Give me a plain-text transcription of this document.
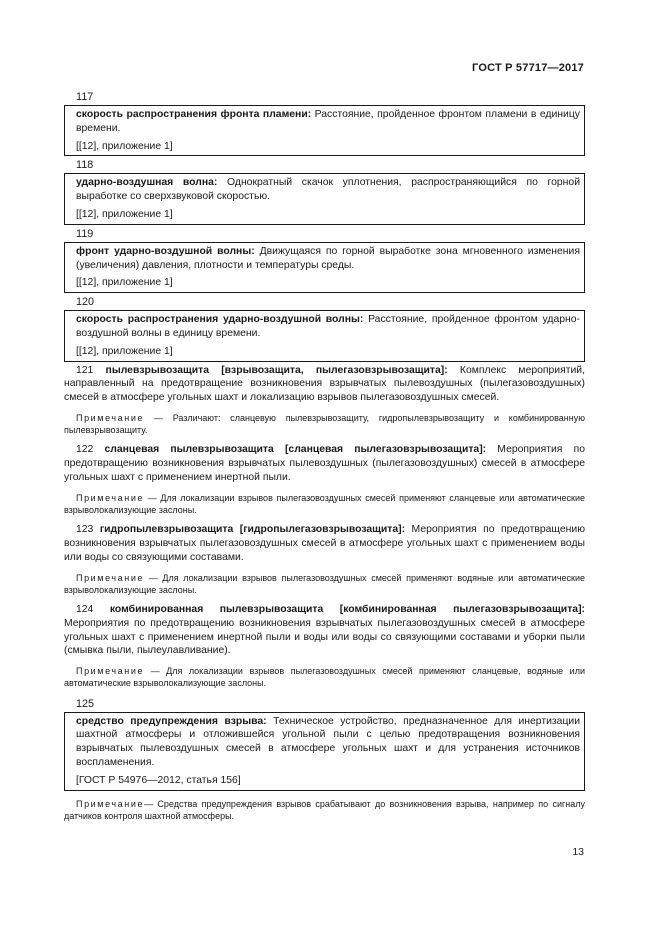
ГОСТ Р 57717—2017
117
скорость распространения фронта пламени: Расстояние, пройденное фронтом пламени в единицу времени.
[[12], приложение 1]
118
ударно-воздушная волна: Однократный скачок уплотнения, распространяющийся по горной выработке со сверхзвуковой скоростью.
[[12], приложение 1]
119
фронт ударно-воздушной волны: Движущаяся по горной выработке зона мгновенного изменения (увеличения) давления, плотности и температуры среды.
[[12], приложение 1]
120
скорость распространения ударно-воздушной волны: Расстояние, пройденное фронтом ударно-воздушной волны в единицу времени.
[[12], приложение 1]

121 пылевзрывозащита [взрывозащита, пылегазовзрывозащита]: Комплекс мероприятий, направленный на предотвращение возникновения взрывчатых пылевоздушных (пылегазовоздушных) смесей в атмосфере угольных шахт и локализацию взрывов пылегазовоздушных смесей.

Примечание — Различают: сланцевую пылевзрывозащиту, гидропылевзрывозащиту и комбинированную пылевзрывозащиту.

122 сланцевая пылевзрывозащита [сланцевая пылегазовзрывозащита]: Мероприятия по предотвращению возникновения взрывчатых пылевоздушных (пылегазовоздушных) смесей в атмосфере угольных шахт с применением инертной пыли.

Примечание — Для локализации взрывов пылегазовоздушных смесей применяют сланцевые или автоматические взрыволокализующие заслоны.

123 гидропылевзрывозащита [гидропылегазовзрывозащита]: Мероприятия по предотвращению возникновения взрывчатых пылегазовоздушных смесей в атмосфере угольных шахт с применением воды или воды со связующими составами.

Примечание — Для локализации взрывов пылегазовоздушных смесей применяют водяные или автоматические взрыволокализующие заслоны.

124 комбинированная пылевзрывозащита [комбинированная пылегазовзрывозащита]: Мероприятия по предотвращению возникновения взрывчатых пылегазовоздушных смесей в атмосфере угольных шахт с применением инертной пыли и воды или воды со связующими составами и уборки пыли (смывка пыли, пылеулавливание).

Примечание — Для локализации взрывов пылегазовоздушных смесей применяют сланцевые, водяные или автоматические взрыволокализующие заслоны.

125
средство предупреждения взрыва: Техническое устройство, предназначенное для инертизации шахтной атмосферы и отложившейся угольной пыли с целью предотвращения возникновения взрывчатых пылевоздушных смесей в атмосфере угольных шахт и для устранения источников воспламенения.
[ГОСТ Р 54976—2012, статья 156]

Примечание— Средства предупреждения взрывов срабатывают до возникновения взрыва, например по сигналу датчиков контроля шахтной атмосферы.

13
